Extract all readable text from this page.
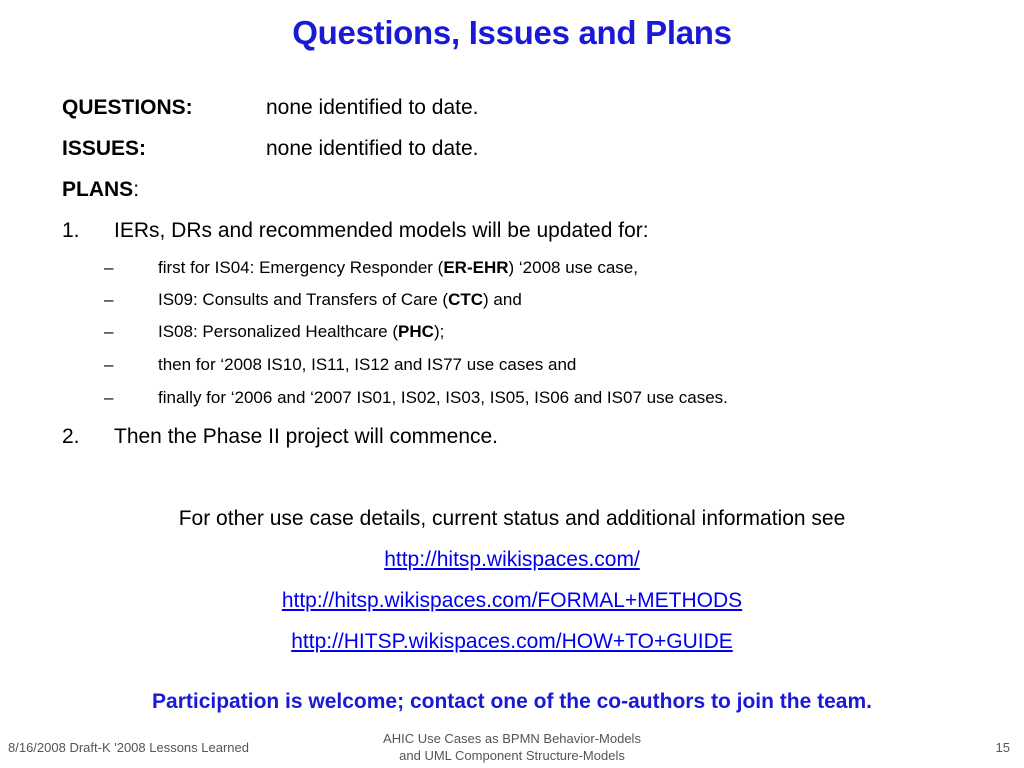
Questions, Issues and Plans
QUESTIONS:	none identified to date.
ISSUES:	none identified to date.
PLANS:
1. IERs, DRs and recommended models will be updated for:
–	first for IS04: Emergency Responder (ER-EHR) ‘2008 use case,
–	IS09: Consults and Transfers of Care (CTC) and
–	IS08: Personalized Healthcare (PHC);
–	then for ‘2008 IS10, IS11, IS12 and IS77 use cases and
–	finally for ‘2006 and ‘2007 IS01, IS02, IS03, IS05, IS06 and IS07 use cases.
2. Then the Phase II project will commence.
For other use case details, current status and additional information see
http://hitsp.wikispaces.com/
http://hitsp.wikispaces.com/FORMAL+METHODS
http://HITSP.wikispaces.com/HOW+TO+GUIDE
Participation is welcome; contact one of the co-authors to join the team.
8/16/2008 Draft-K '2008 Lessons Learned
AHIC Use Cases as BPMN Behavior-Models
and UML Component Structure-Models
15
